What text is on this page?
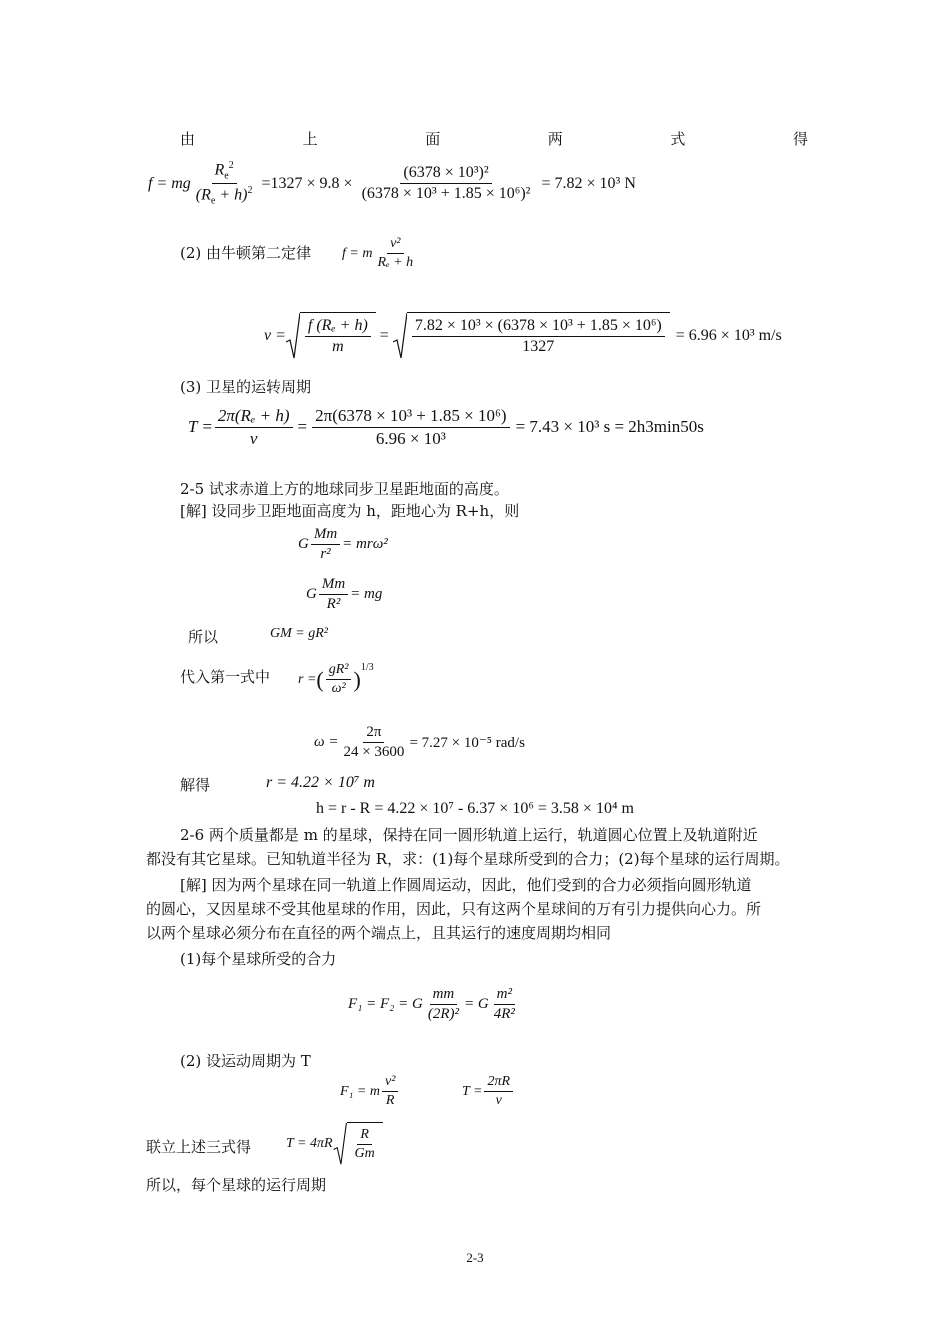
由	上	面	两	式	得
f = mg $\frac{R_e^2}{(R_e + h)^2} =1327 \times 9.8 \times \frac{\text{(6378 × 10³)²}}{\text{(6378 × 10³ + 1.85 × 10⁶)²}} = 7.82 \times 10^3$ N
(2) 由牛顿第二定律 f = m $\frac{\text{v²}}{\text{Rₑ + h}}$
$v = \frac{\text{f (Rₑ + h)}}{m} = \frac{\text{7.82 × 10³ × (6378 × 10³ + 1.85 × 10⁶)}}{1327} = 6.96 \times 10^3$ m/s
(3) 卫星的运转周期
$T = \frac{\text{2π(Rₑ + h)}}{v} = \frac{\text{2π(6378 × 10³ + 1.85 × 10⁶)}}{\text{6.96 × 10³}} = 7.43 \times 10^3$ s = 2h3min50s
2-5 试求赤道上方的地球同步卫星距地面的高度。
[解] 设同步卫距地面高度为 h，距地心为 R+h，则
G $\frac{Mm}{\text{r²}} = mr\omega^2$
G $\frac{Mm}{\text{R²}}$ = mg
所以	GM = gR²
代入第一式中 r = ( $\frac{\text{gR²}}{\text{ω²}} )^{1/3}$
$\omega = \frac{2\pi}{24 \times 3600} = 7.27 \times 10^{-5}$ rad/s
解得	r = 4.22 × 10⁷ m
h = r - R = 4.22 × 10⁷ - 6.37 × 10⁶ = 3.58 × 10⁴ m
2-6 两个质量都是 m 的星球，保持在同一圆形轨道上运行，轨道圆心位置上及轨道附近
都没有其它星球。已知轨道半径为 R，求：(1)每个星球所受到的合力；(2)每个星球的运行周期。
[解] 因为两个星球在同一轨道上作圆周运动，因此，他们受到的合力必须指向圆形轨道
的圆心，又因星球不受其他星球的作用，因此，只有这两个星球间的万有引力提供向心力。所
以两个星球必须分布在直径的两个端点上，且其运行的速度周期均相同
(1)每个星球所受的合力
F₁ = F₂ = G $\frac{mm}{\text{(2R)²}} = G \frac{\text{m²}}{\text{4R²}}$
(2) 设运动周期为 T
F₁ = m $\frac{\text{v²}}{R}$	$T = \frac{2\pi R}{v}$
联立上述三式得 $T = 4\pi R \frac{R}{Gm}$
所以，每个星球的运行周期
2-3
